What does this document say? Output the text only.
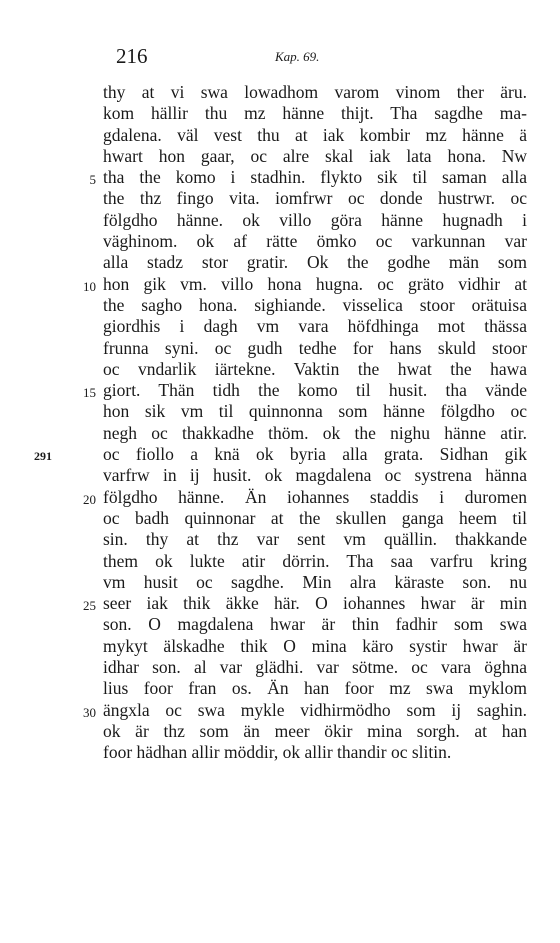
216	Kap. 69.
thy at vi swa lowadhom varom vinom ther äru.
kom hällir thu mz hänne thijt. Tha sagdhe ma-
gdalena. väl vest thu at iak kombir mz hänne ä
hwart hon gaar, oc alre skal iak lata hona. Nw
5 tha the komo i stadhin. flykto sik til saman alla
the thz fingo vita. iomfrwr oc donde hustrwr. oc
fölgdho hänne. ok villo göra hänne hugnadh i
väghinom. ok af rätte ömko oc varkunnan var
alla stadz stor gratir. Ok the godhe män som
10 hon gik vm. villo hona hugna. oc gräto vidhir at
the sagho hona. sighiande. visselica stoor orätuisa
giordhis i dagh vm vara höfdhinga mot thässa
frunna syni. oc gudh tedhe for hans skuld stoor
oc vndarlik iärtekne. Vaktin the hwat the hawa
15 giort. Thän tidh the komo til husit. tha vände
hon sik vm til quinnonna som hänne fölgdho oc
negh oc thakkadhe thöm. ok the nighu hänne atir.
291	oc fiollo a knä ok byria alla grata. Sidhan gik
varfrw in ij husit. ok magdalena oc systrena hänna
20 fölgdho hänne. Än iohannes staddis i duromen
oc badh quinnonar at the skullen ganga heem til
sin. thy at thz var sent vm quällin. thakkande
them ok lukte atir dörrin. Tha saa varfru kring
vm husit oc sagdhe. Min alra käraste son. nu
25 seer iak thik äkke här. O iohannes hwar är min
son. O magdalena hwar är thin fadhir som swa
mykyt älskadhe thik O mina käro systir hwar är
idhar son. al var glädhi. var sötme. oc vara öghna
lius foor fran os. Än han foor mz swa myklom
30 ängxla oc swa mykle vidhirmödho som ij saghin.
ok är thz som än meer ökir mina sorgh. at han
foor hädhan allir möddir, ok allir thandir oc slitin.
